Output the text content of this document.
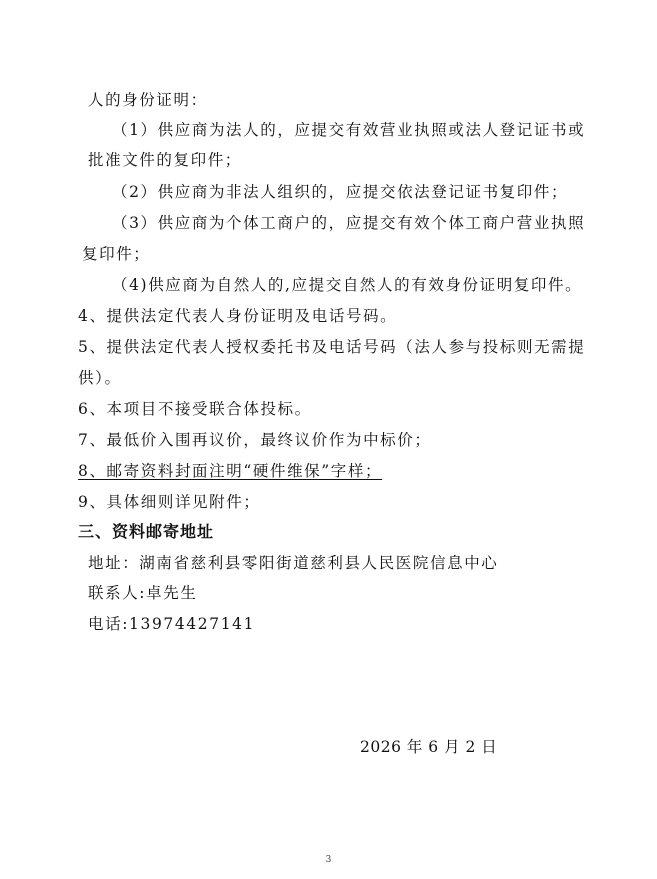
人的身份证明：
（1）供应商为法人的，应提交有效营业执照或法人登记证书或
批准文件的复印件；
（2）供应商为非法人组织的，应提交依法登记证书复印件；
（3）供应商为个体工商户的，应提交有效个体工商户营业执照
复印件；
（4)供应商为自然人的,应提交自然人的有效身份证明复印件。
4、提供法定代表人身份证明及电话号码。
5、提供法定代表人授权委托书及电话号码（法人参与投标则无需提
供）。
6、本项目不接受联合体投标。
7、最低价入围再议价，最终议价作为中标价；
8、邮寄资料封面注明“硬件维保”字样；
9、具体细则详见附件；
三、资料邮寄地址
地址：湖南省慈利县零阳街道慈利县人民医院信息中心
联系人:卓先生
电话:13974427141
2026 年 6 月 2 日
3
